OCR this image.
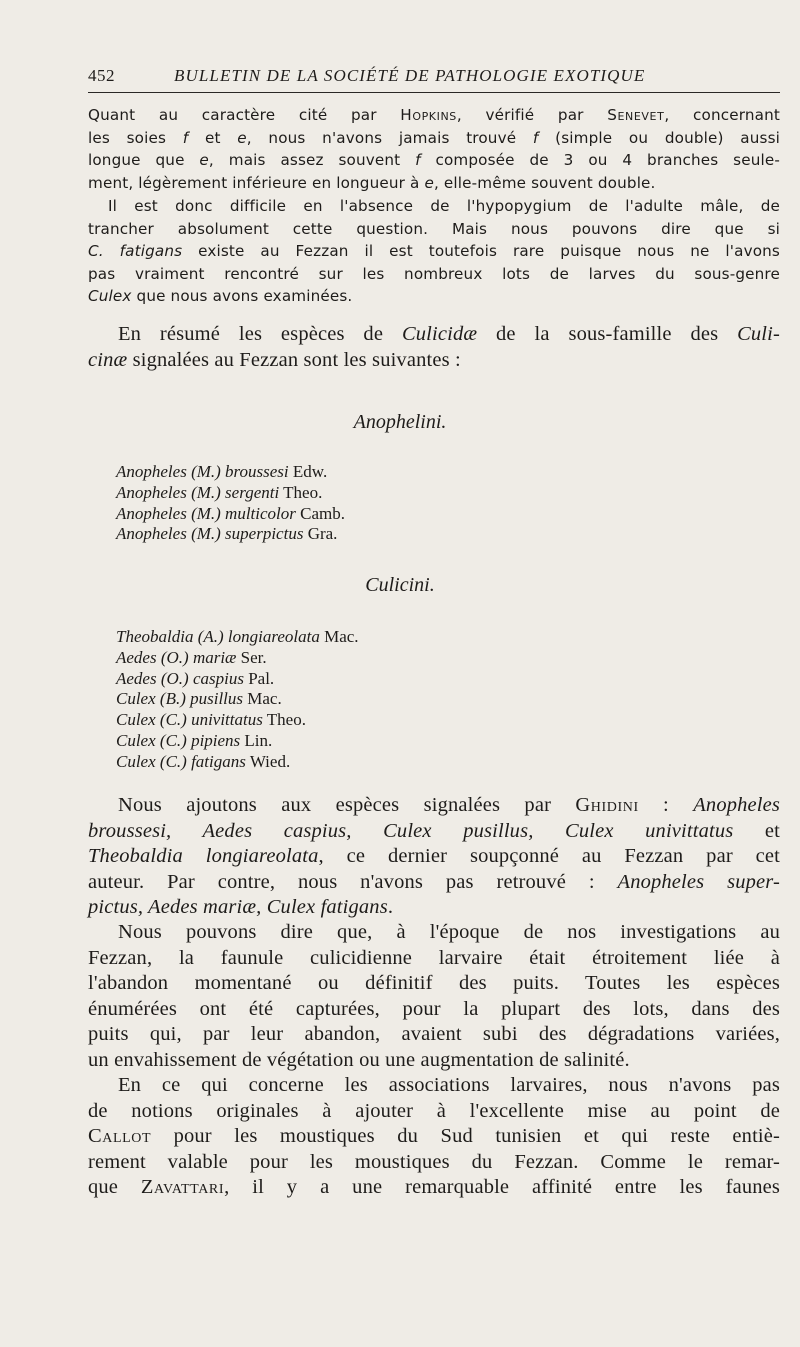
452	BULLETIN DE LA SOCIÉTÉ DE PATHOLOGIE EXOTIQUE
Quant au caractère cité par Hopkins, vérifié par Senevet, concernant
les soies f et e, nous n'avons jamais trouvé f (simple ou double) aussi
longue que e, mais assez souvent f composée de 3 ou 4 branches seule-
ment, légèrement inférieure en longueur à e, elle-même souvent double.
Il est donc difficile en l'absence de l'hypopygium de l'adulte mâle, de
trancher absolument cette question. Mais nous pouvons dire que si
C. fatigans existe au Fezzan il est toutefois rare puisque nous ne l'avons
pas vraiment rencontré sur les nombreux lots de larves du sous-genre
Culex que nous avons examinées.
En résumé les espèces de Culicidæ de la sous-famille des Culi-
cinæ signalées au Fezzan sont les suivantes :
Anophelini.
Anopheles (M.) broussesi Edw.
Anopheles (M.) sergenti Theo.
Anopheles (M.) multicolor Camb.
Anopheles (M.) superpictus Gra.
Culicini.
Theobaldia (A.) longiareolata Mac.
Aedes (O.) mariæ Ser.
Aedes (O.) caspius Pal.
Culex (B.) pusillus Mac.
Culex (C.) univittatus Theo.
Culex (C.) pipiens Lin.
Culex (C.) fatigans Wied.
Nous ajoutons aux espèces signalées par Ghidini : Anopheles
broussesi, Aedes caspius, Culex pusillus, Culex univittatus et
Theobaldia longiareolata, ce dernier soupçonné au Fezzan par cet
auteur. Par contre, nous n'avons pas retrouvé : Anopheles super-
pictus, Aedes mariæ, Culex fatigans.
Nous pouvons dire que, à l'époque de nos investigations au
Fezzan, la faunule culicidienne larvaire était étroitement liée à
l'abandon momentané ou définitif des puits. Toutes les espèces
énumérées ont été capturées, pour la plupart des lots, dans des
puits qui, par leur abandon, avaient subi des dégradations variées,
un envahissement de végétation ou une augmentation de salinité.
En ce qui concerne les associations larvaires, nous n'avons pas
de notions originales à ajouter à l'excellente mise au point de
Callot pour les moustiques du Sud tunisien et qui reste entiè-
rement valable pour les moustiques du Fezzan. Comme le remar-
que Zavattari, il y a une remarquable affinité entre les faunes
